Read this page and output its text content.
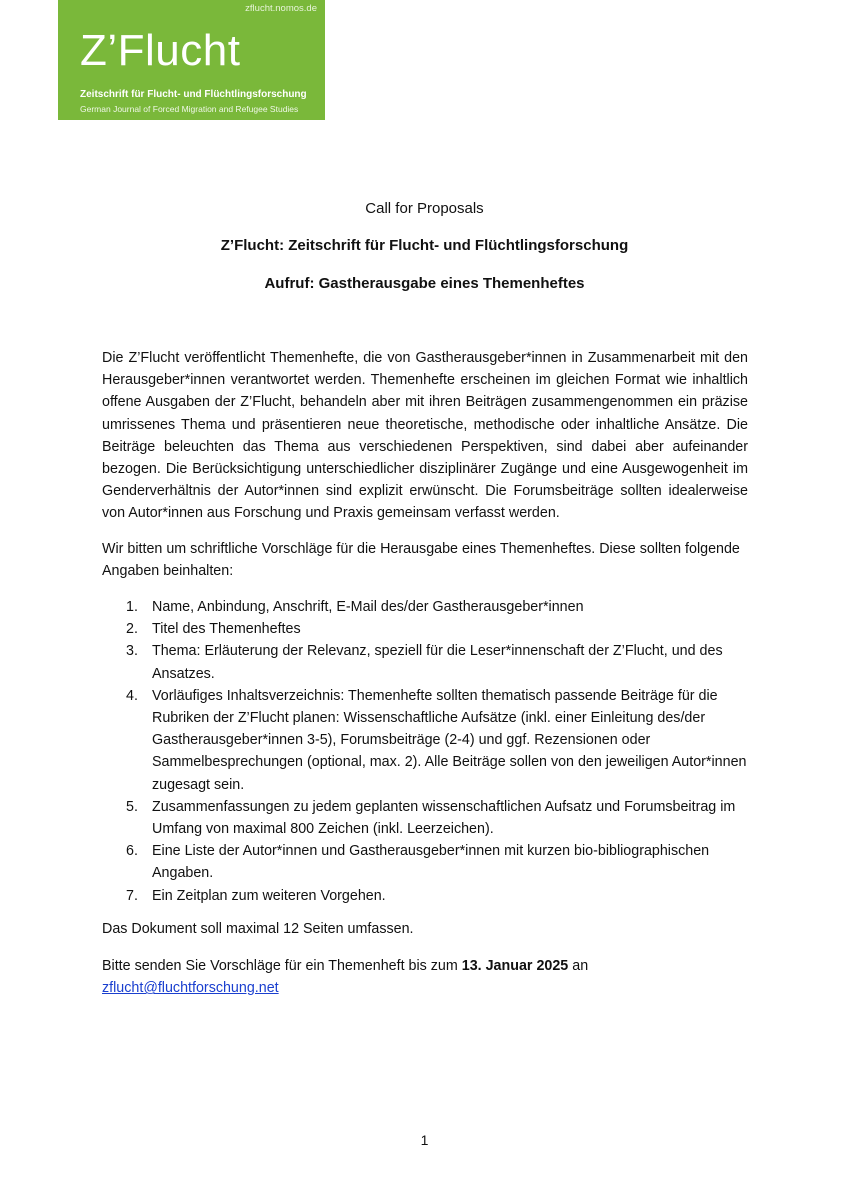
zflucht.nomos.de
Z’Flucht
Zeitschrift für Flucht- und Flüchtlingsforschung
German Journal of Forced Migration and Refugee Studies
Call for Proposals
Z’Flucht: Zeitschrift für Flucht- und Flüchtlingsforschung
Aufruf: Gastherausgabe eines Themenheftes

Die Z’Flucht veröffentlicht Themenhefte, die von Gastherausgeber*innen in Zusammenarbeit mit den Herausgeber*innen verantwortet werden. Themenhefte erscheinen im gleichen Format wie inhaltlich offene Ausgaben der Z’Flucht, behandeln aber mit ihren Beiträgen zusammengenommen ein präzise umrissenes Thema und präsentieren neue theoretische, methodische oder inhaltliche Ansätze. Die Beiträge beleuchten das Thema aus verschiedenen Perspektiven, sind dabei aber aufeinander bezogen. Die Berücksichtigung unterschiedlicher disziplinärer Zugänge und eine Ausgewogenheit im Genderverhältnis der Autor*innen sind explizit erwünscht. Die Forumsbeiträge sollten idealerweise von Autor*innen aus Forschung und Praxis gemeinsam verfasst werden.

Wir bitten um schriftliche Vorschläge für die Herausgabe eines Themenheftes. Diese sollten folgende Angaben beinhalten:

1. Name, Anbindung, Anschrift, E-Mail des/der Gastherausgeber*innen
2. Titel des Themenheftes
3. Thema: Erläuterung der Relevanz, speziell für die Leser*innenschaft der Z’Flucht, und des Ansatzes.
4. Vorläufiges Inhaltsverzeichnis: Themenhefte sollten thematisch passende Beiträge für die Rubriken der Z’Flucht planen: Wissenschaftliche Aufsätze (inkl. einer Einleitung des/der Gastherausgeber*innen 3-5), Forumsbeiträge (2-4) und ggf. Rezensionen oder Sammelbesprechungen (optional, max. 2). Alle Beiträge sollen von den jeweiligen Autor*innen zugesagt sein.
5. Zusammenfassungen zu jedem geplanten wissenschaftlichen Aufsatz und Forumsbeitrag im Umfang von maximal 800 Zeichen (inkl. Leerzeichen).
6. Eine Liste der Autor*innen und Gastherausgeber*innen mit kurzen bio-bibliographischen Angaben.
7. Ein Zeitplan zum weiteren Vorgehen.

Das Dokument soll maximal 12 Seiten umfassen.

Bitte senden Sie Vorschläge für ein Themenheft bis zum 13. Januar 2025 an
zflucht@fluchtforschung.net

1
